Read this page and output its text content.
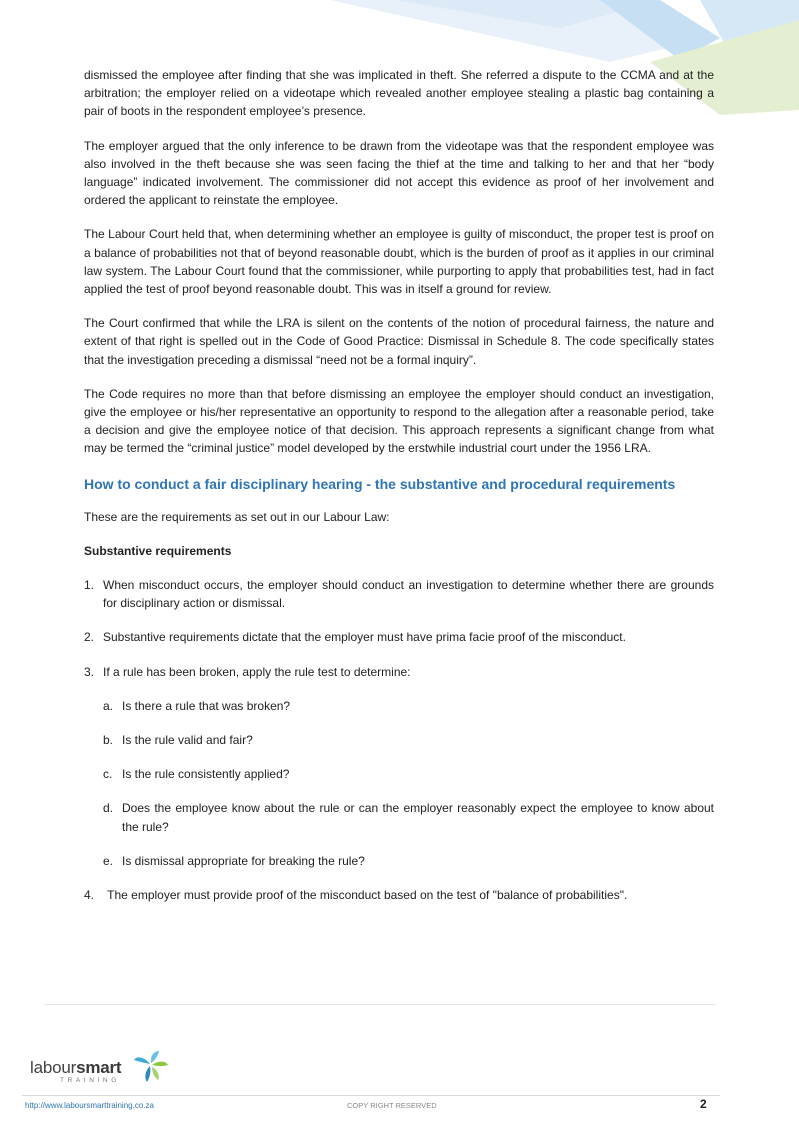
dismissed the employee after finding that she was implicated in theft. She referred a dispute to the CCMA and at the arbitration; the employer relied on a videotape which revealed another employee stealing a plastic bag containing a pair of boots in the respondent employee’s presence.

The employer argued that the only inference to be drawn from the videotape was that the respondent employee was also involved in the theft because she was seen facing the thief at the time and talking to her and that her “body language” indicated involvement. The commissioner did not accept this evidence as proof of her involvement and ordered the applicant to reinstate the employee.

The Labour Court held that, when determining whether an employee is guilty of misconduct, the proper test is proof on a balance of probabilities not that of beyond reasonable doubt, which is the burden of proof as it applies in our criminal law system. The Labour Court found that the commissioner, while purporting to apply that probabilities test, had in fact applied the test of proof beyond reasonable doubt. This was in itself a ground for review.

The Court confirmed that while the LRA is silent on the contents of the notion of procedural fairness, the nature and extent of that right is spelled out in the Code of Good Practice: Dismissal in Schedule 8. The code specifically states that the investigation preceding a dismissal “need not be a formal inquiry”.

The Code requires no more than that before dismissing an employee the employer should conduct an investigation, give the employee or his/her representative an opportunity to respond to the allegation after a reasonable period, take a decision and give the employee notice of that decision. This approach represents a significant change from what may be termed the “criminal justice” model developed by the erstwhile industrial court under the 1956 LRA.

How to conduct a fair disciplinary hearing - the substantive and procedural requirements

These are the requirements as set out in our Labour Law:

Substantive requirements

1. When misconduct occurs, the employer should conduct an investigation to determine whether there are grounds for disciplinary action or dismissal.
2. Substantive requirements dictate that the employer must have prima facie proof of the misconduct.
3. If a rule has been broken, apply the rule test to determine:
a. Is there a rule that was broken?
b. Is the rule valid and fair?
c. Is the rule consistently applied?
d. Does the employee know about the rule or can the employer reasonably expect the employee to know about the rule?
e. Is dismissal appropriate for breaking the rule?
4. The employer must provide proof of the misconduct based on the test of "balance of probabilities".
laboursmart
TRAINING
http://www.laboursmarttraining.co.za	COPY RIGHT RESERVED	2
